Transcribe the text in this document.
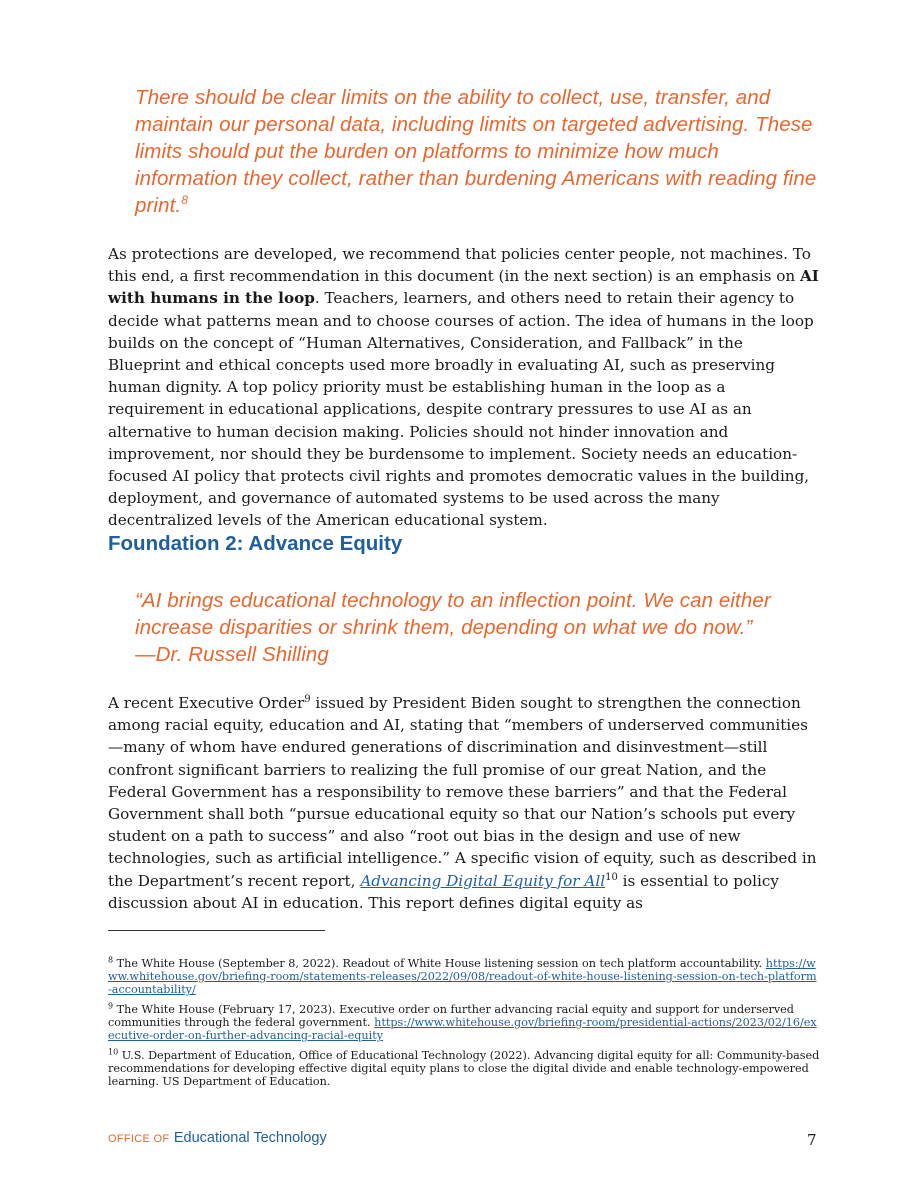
There should be clear limits on the ability to collect, use, transfer, and maintain our personal data, including limits on targeted advertising. These limits should put the burden on platforms to minimize how much information they collect, rather than burdening Americans with reading fine print.$^8$

As protections are developed, we recommend that policies center people, not machines. To this end, a first recommendation in this document (in the next section) is an emphasis on AI with humans in the loop. Teachers, learners, and others need to retain their agency to decide what patterns mean and to choose courses of action. The idea of humans in the loop builds on the concept of “Human Alternatives, Consideration, and Fallback” in the Blueprint and ethical concepts used more broadly in evaluating AI, such as preserving human dignity. A top policy priority must be establishing human in the loop as a requirement in educational applications, despite contrary pressures to use AI as an alternative to human decision making. Policies should not hinder innovation and improvement, nor should they be burdensome to implement. Society needs an education-focused AI policy that protects civil rights and promotes democratic values in the building, deployment, and governance of automated systems to be used across the many decentralized levels of the American educational system.

Foundation 2: Advance Equity
“AI brings educational technology to an inflection point. We can either increase disparities or shrink them, depending on what we do now.”
—Dr. Russell Shilling

A recent Executive Order$^9$ issued by President Biden sought to strengthen the connection among racial equity, education and AI, stating that “members of underserved communities—many of whom have endured generations of discrimination and disinvestment—still confront significant barriers to realizing the full promise of our great Nation, and the Federal Government has a responsibility to remove these barriers” and that the Federal Government shall both “pursue educational equity so that our Nation’s schools put every student on a path to success” and also “root out bias in the design and use of new technologies, such as artificial intelligence.” A specific vision of equity, such as described in the Department’s recent report, Advancing Digital Equity for All$^{10}$ is essential to policy discussion about AI in education. This report defines digital equity as

$^8$ The White House (September 8, 2022). Readout of White House listening session on tech platform accountability. https://www.whitehouse.gov/briefing-room/statements-releases/2022/09/08/readout-of-white-house-listening-session-on-tech-platform-accountability/
$^9$ The White House (February 17, 2023). Executive order on further advancing racial equity and support for underserved communities through the federal government. https://www.whitehouse.gov/briefing-room/presidential-actions/2023/02/16/executive-order-on-further-advancing-racial-equity
$^{10}$ U.S. Department of Education, Office of Educational Technology (2022). Advancing digital equity for all: Community-based recommendations for developing effective digital equity plans to close the digital divide and enable technology-empowered learning. US Department of Education.
OFFICE OF Educational Technology	7
